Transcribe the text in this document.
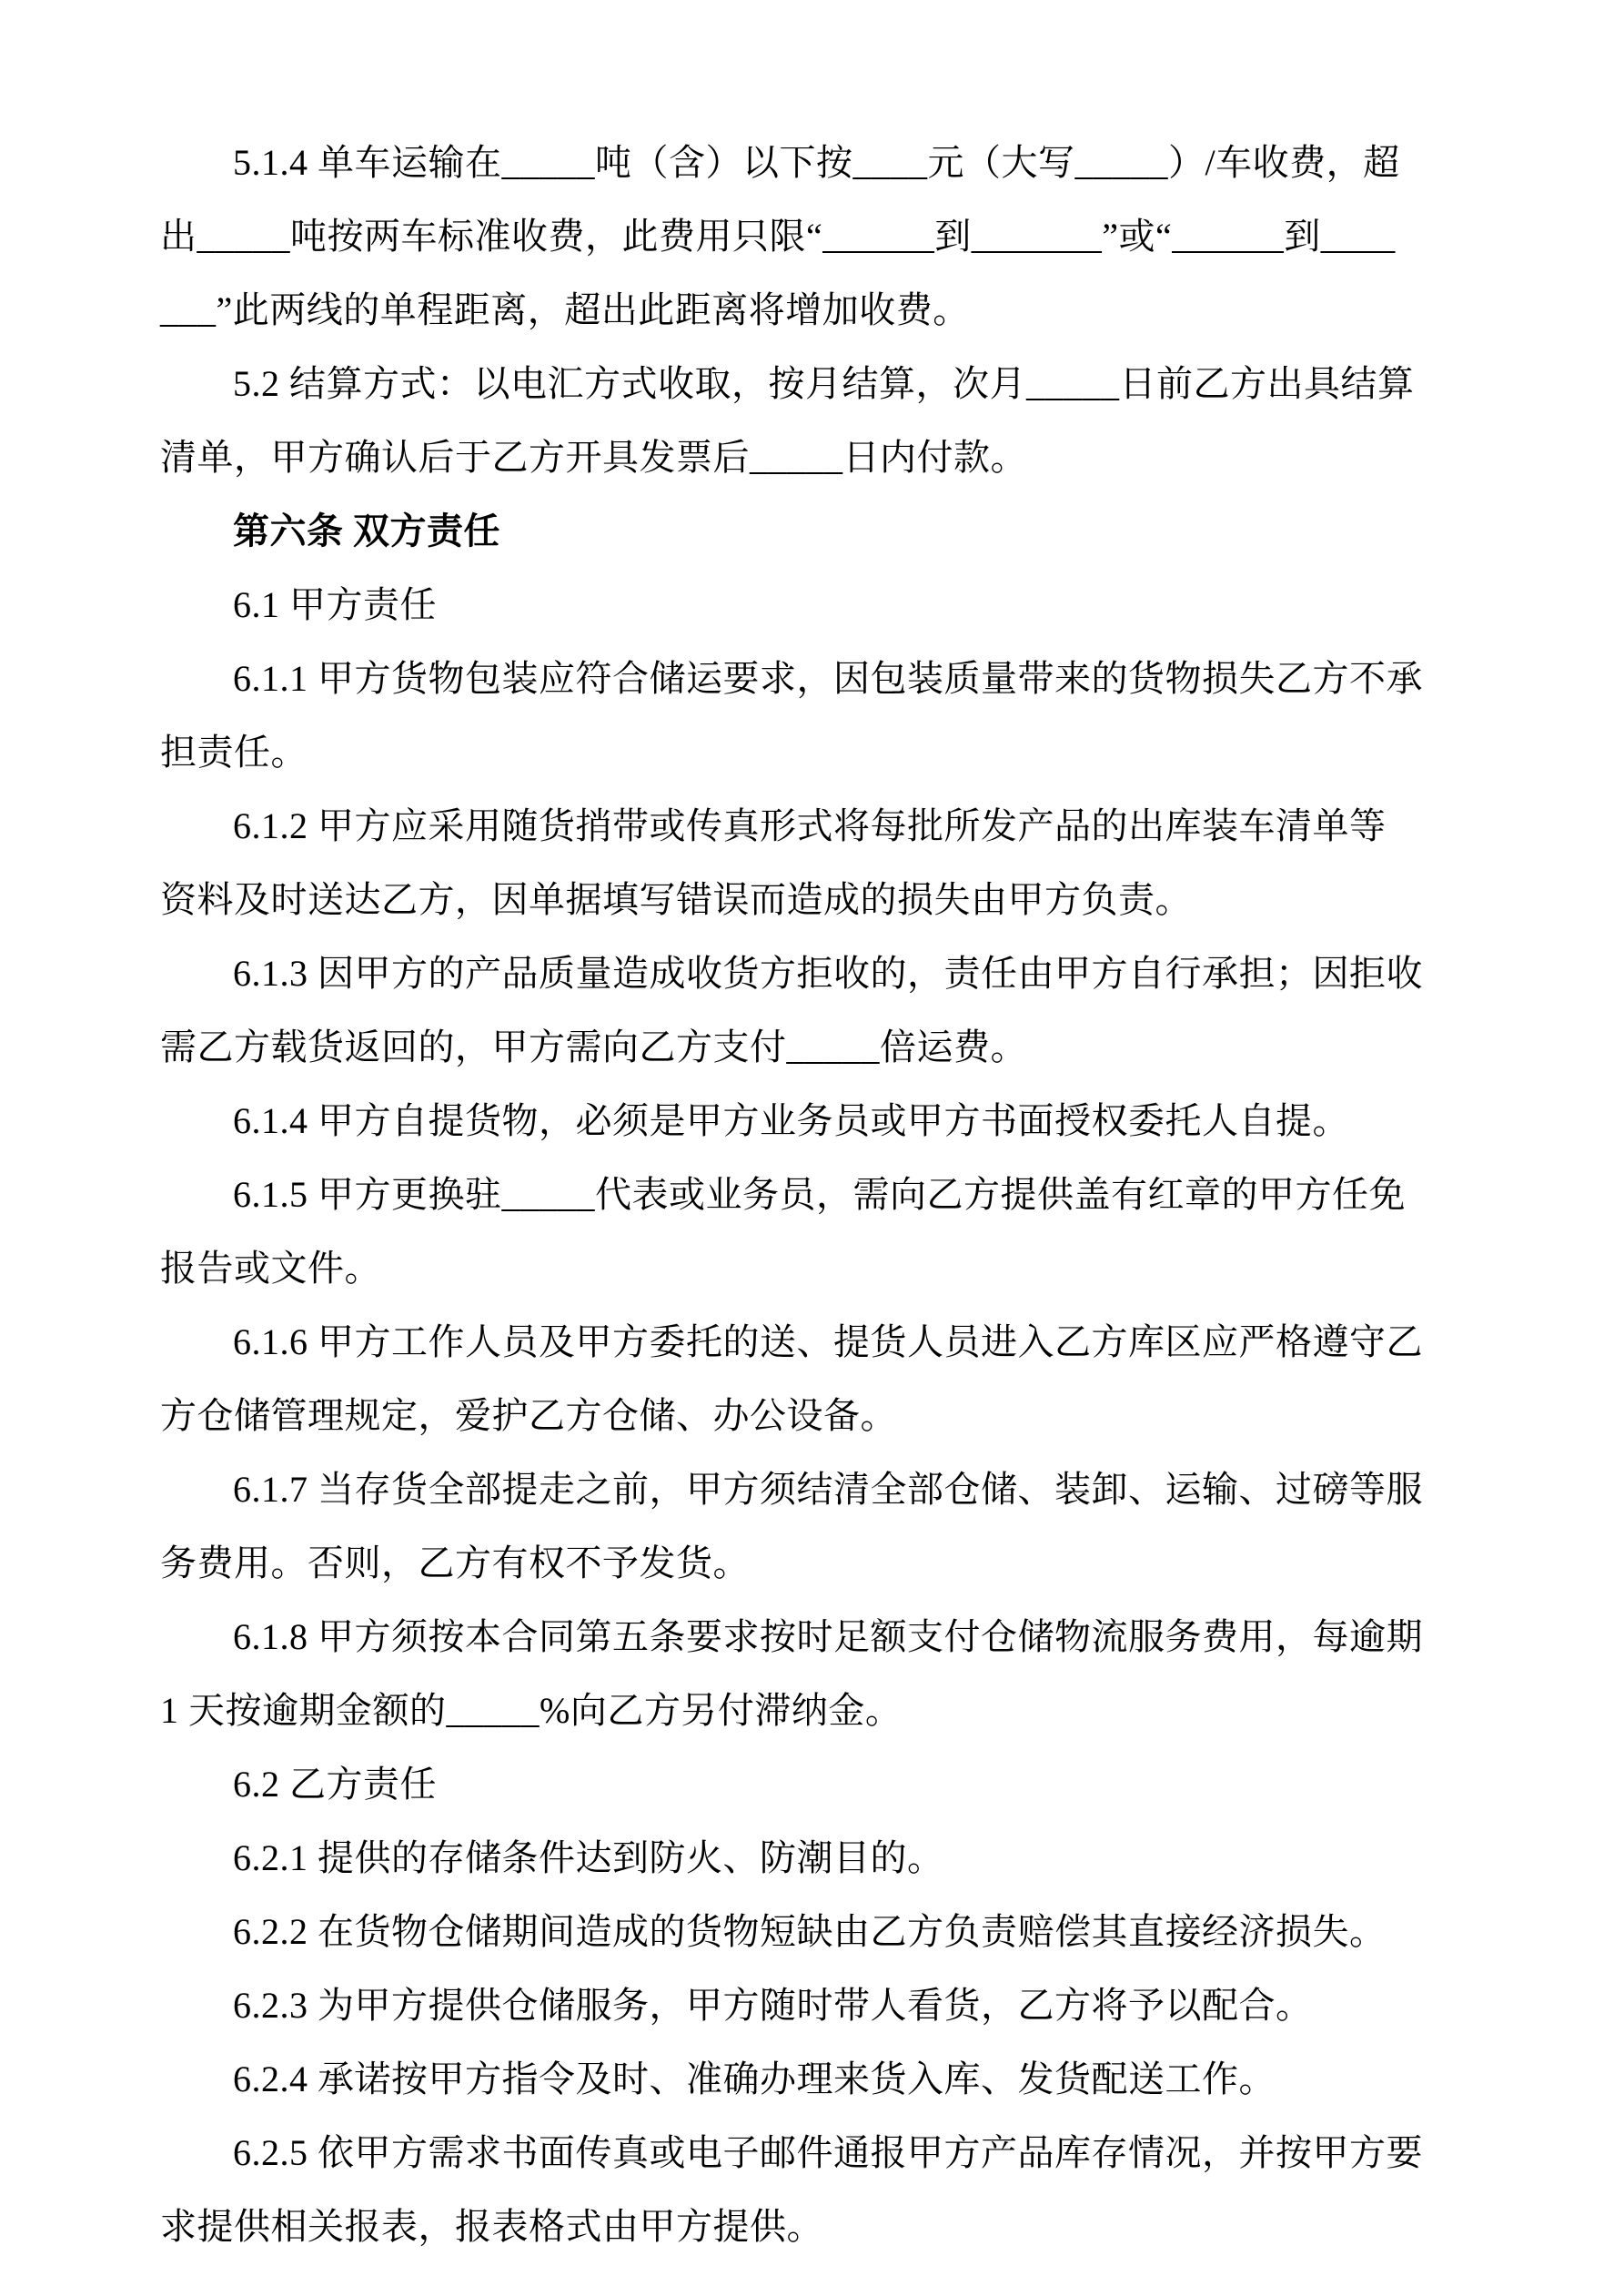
5.1.4 单车运输在_____吨（含）以下按____元（大写_____）/车收费，超
出_____吨按两车标准收费，此费用只限“______到_______”或“______到____
___”此两线的单程距离，超出此距离将增加收费。
5.2 结算方式：以电汇方式收取，按月结算，次月_____日前乙方出具结算
清单，甲方确认后于乙方开具发票后_____日内付款。
第六条 双方责任
6.1 甲方责任
6.1.1 甲方货物包装应符合储运要求，因包装质量带来的货物损失乙方不承
担责任。
6.1.2 甲方应采用随货捎带或传真形式将每批所发产品的出库装车清单等
资料及时送达乙方，因单据填写错误而造成的损失由甲方负责。
6.1.3 因甲方的产品质量造成收货方拒收的，责任由甲方自行承担；因拒收
需乙方载货返回的，甲方需向乙方支付_____倍运费。
6.1.4 甲方自提货物，必须是甲方业务员或甲方书面授权委托人自提。
6.1.5 甲方更换驻_____代表或业务员，需向乙方提供盖有红章的甲方任免
报告或文件。
6.1.6 甲方工作人员及甲方委托的送、提货人员进入乙方库区应严格遵守乙
方仓储管理规定，爱护乙方仓储、办公设备。
6.1.7 当存货全部提走之前，甲方须结清全部仓储、装卸、运输、过磅等服
务费用。否则，乙方有权不予发货。
6.1.8 甲方须按本合同第五条要求按时足额支付仓储物流服务费用，每逾期
1 天按逾期金额的_____%向乙方另付滞纳金。
6.2 乙方责任
6.2.1 提供的存储条件达到防火、防潮目的。
6.2.2 在货物仓储期间造成的货物短缺由乙方负责赔偿其直接经济损失。
6.2.3 为甲方提供仓储服务，甲方随时带人看货，乙方将予以配合。
6.2.4 承诺按甲方指令及时、准确办理来货入库、发货配送工作。
6.2.5 依甲方需求书面传真或电子邮件通报甲方产品库存情况，并按甲方要
求提供相关报表，报表格式由甲方提供。
